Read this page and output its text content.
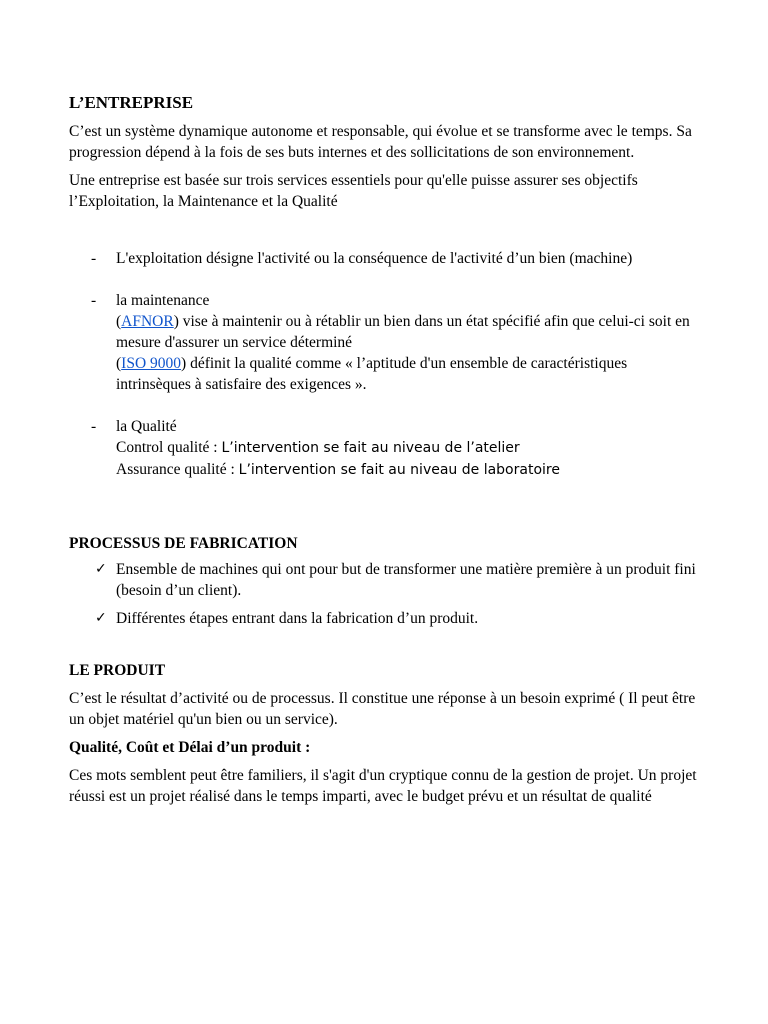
L’ENTREPRISE

C’est un système dynamique autonome et responsable, qui évolue et se transforme avec le temps. Sa progression dépend à la fois de ses buts internes et des sollicitations de son environnement.

Une entreprise est basée sur trois services essentiels pour qu'elle puisse assurer ses objectifs l’Exploitation, la Maintenance et la Qualité

- L'exploitation désigne l'activité ou la conséquence de l'activité d’un bien (machine)
- la maintenance
(AFNOR) vise à maintenir ou à rétablir un bien dans un état spécifié afin que celui-ci soit en mesure d'assurer un service déterminé
(ISO 9000) définit la qualité comme « l’aptitude d'un ensemble de caractéristiques intrinsèques à satisfaire des exigences ».
- la Qualité
Control qualité : L’intervention se fait au niveau de l’atelier
Assurance qualité : L’intervention se fait au niveau de laboratoire
PROCESSUS DE FABRICATION
✓ Ensemble de machines qui ont pour but de transformer une matière première à un produit fini (besoin d’un client).
✓ Différentes étapes entrant dans la fabrication d’un produit.
LE PRODUIT

C’est le résultat d’activité ou de processus. Il constitue une réponse à un besoin exprimé ( Il peut être un objet matériel qu'un bien ou un service).

Qualité, Coût et Délai d’un produit :

Ces mots semblent peut être familiers, il s'agit d'un cryptique connu de la gestion de projet. Un projet réussi est un projet réalisé dans le temps imparti, avec le budget prévu et un résultat de qualité
